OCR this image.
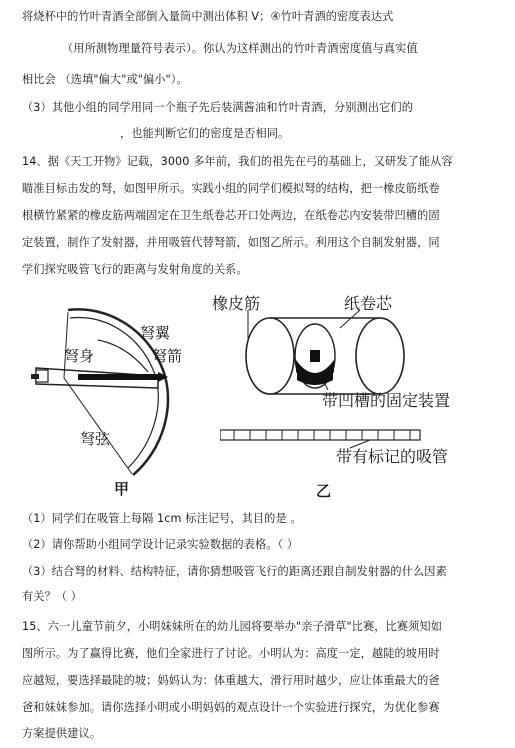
将烧杯中的竹叶青酒全部倒入量筒中测出体积 V；④竹叶青酒的密度表达式
（用所测物理量符号表示）。你认为这样测出的竹叶青酒密度值与真实值
相比会 （选填"偏大"或"偏小"）。
（3）其他小组的同学用同一个瓶子先后装满酱油和竹叶青酒，分别测出它们的
，也能判断它们的密度是否相同。
14、据《天工开物》记载，3000 多年前，我们的祖先在弓的基础上，又研发了能从容
瞄准目标击发的弩，如图甲所示。实践小组的同学们模拟弩的结构，把一橡皮筋纸卷
根横竹紧紧的橡皮筋两端固定在卫生纸卷芯开口处两边，在纸卷芯内安装带凹槽的固
定装置，制作了发射器，并用吸管代替弩箭，如图乙所示。利用这个自制发射器，同
学们探究吸管飞行的距离与发射角度的关系。
弩翼
弩身	弩箭
弩弦
甲
橡皮筋	纸卷芯
带凹槽的固定装置
带有标记的吸管
乙
（1）同学们在吸管上每隔 1cm 标注记号，其目的是 。
（2）请你帮助小组同学设计记录实验数据的表格。（ ）
（3）结合弩的材料、结构特征，请你猜想吸管飞行的距离还跟自制发射器的什么因素
有关？（ ）
15、六一儿童节前夕，小明妹妹所在的幼儿园将要举办"亲子滑草"比赛，比赛须知如
图所示。为了赢得比赛，他们全家进行了讨论。小明认为：高度一定，越陡的坡用时
应越短，要选择最陡的坡；妈妈认为：体重越大，滑行用时越少，应让体重最大的爸
爸和妹妹参加。请你选择小明或小明妈妈的观点设计一个实验进行探究，为优化参赛
方案提供建议。
